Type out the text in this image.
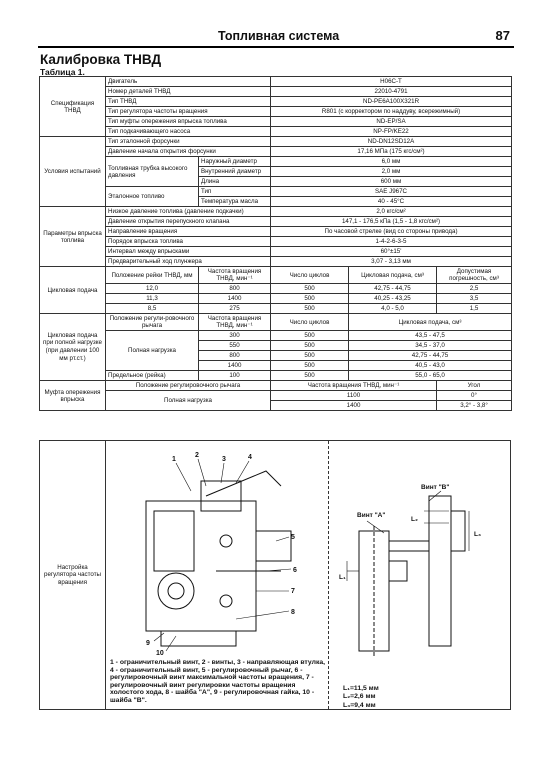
Топливная система	87
Калибровка ТНВД
Таблица 1.
Спецификация ТНВД	Двигатель		H06C-T		
	Номер деталей ТНВД		22010-4791		
	Тип ТНВД		ND-PE6A100X321R		
	Тип регулятора частоты вращения		R801 (с корректором по наддуву, всережимный)		
	Тип муфты опережения впрыска топлива		ND-EP/SA		
	Тип подкачивающего насоса		NP-FP/KE22		
Условия испытаний	Тип эталонной форсунки		ND-DN12SD12A		
	Давление начала открытия форсунки		17,16 МПа (175 кгс/см²)		
	Топливная трубка высокого давления	Наружный диаметр	6,0 мм		
		Внутренний диаметр	2,0 мм		
		Длина	600 мм		
	Эталонное топливо	Тип	SAE J967C		
		Температура масла	40 - 45°C		
Параметры впрыска топлива	Низкое давление топлива (давление подкачки)		2,0 кгс/см²		
	Давление открытия перепускного клапана		147,1 - 176,5 кПа (1,5 - 1,8 кгс/см²)		
	Направление вращения		По часовой стрелке (вид со стороны привода)		
	Порядок впрыска топлива		1-4-2-6-3-5		
	Интервал между впрысками		60°±15'		
	Предварительный ход плунжера		3,07 - 3,13 мм		
Цикловая подача	Положение рейки ТНВД, мм	Частота вращения ТНВД, мин⁻¹	Число циклов	Цикловая подача, см³	Допустимая погрешность, см³
	12,0	800	500	42,75 - 44,75	2,5
	11,3	1400	500	40,25 - 43,25	3,5
	8,5	275	500	4,0 - 5,0	1,5
Цикловая подача при полной нагрузке (при давлении 100 мм рт.ст.)	Положение регули-ровочного рычага	Частота вращения ТНВД, мин⁻¹	Число циклов	Цикловая подача, см³	
	Полная нагрузка	300	500	43,5 - 47,5	
		550	500	34,5 - 37,0	
		800	500	42,75 - 44,75	
		1400	500	40,5 - 43,0	
	Предельное (рейка)	100	500	55,0 - 65,0	
Муфта опережения впрыска	Положение регулировочного рычага		Частота вращения ТНВД, мин⁻¹		Угол
	Полная нагрузка		1100		0°
			1400		3,2° - 3,8°
Настройка регулятора частоты вращения
1
2
3	4
5
6
7
8
9
10
1 - ограничительный винт, 2 - винты, 3 - направляющая втулка, 4 - ограничительный винт, 5 - регулировочный рычаг, 6 - регулировочный винт максимальной частоты вращения, 7 - регулировочный винт регулировки частоты вращения холостого хода, 8 - шайба "А", 9 - регулировочная гайка, 10 - шайба "В".
Винт "А"
Винт "В"
L₁
L₂
L₃
L₁=11,5 мм
L₂=2,6 мм
L₃=9,4 мм
